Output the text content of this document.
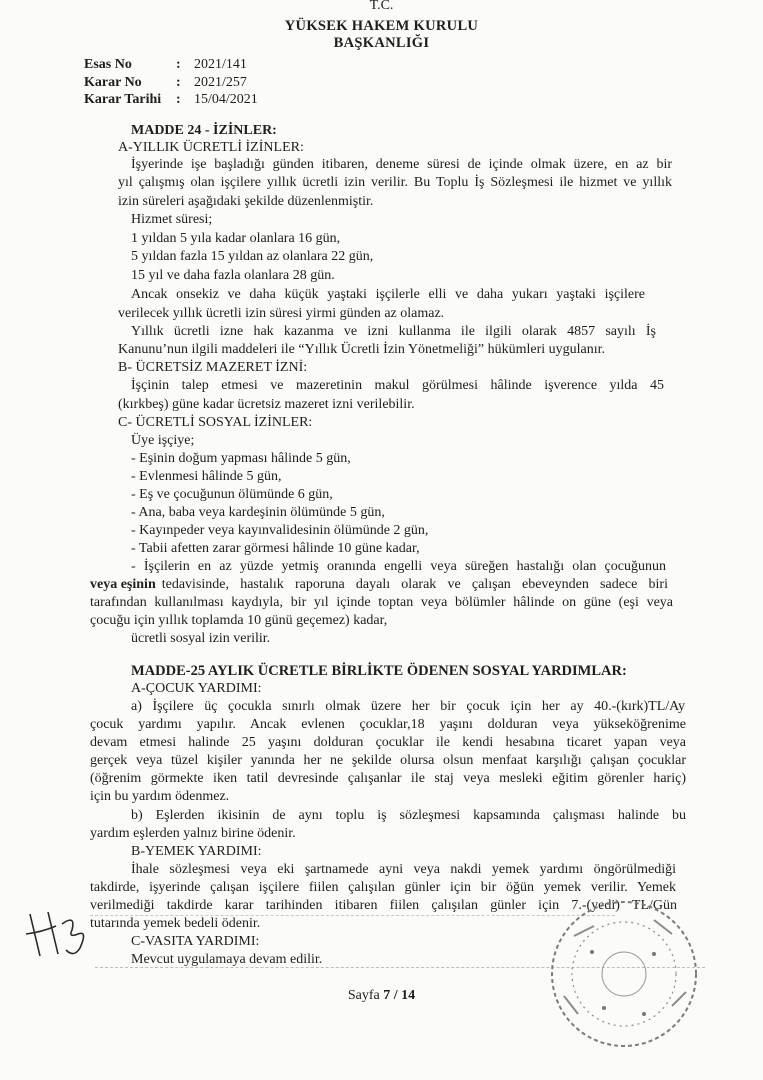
T.C.
YÜKSEK HAKEM KURULU
BAŞKANLIĞI
Esas No	: 2021/141
Karar No	: 2021/257
Karar Tarihi	: 15/04/2021
MADDE 24 - İZİNLER:
A-YILLIK ÜCRETLİ İZİNLER:
İşyerinde işe başladığı günden itibaren, deneme süresi de içinde olmak üzere, en az bir
yıl çalışmış olan işçilere yıllık ücretli izin verilir. Bu Toplu İş Sözleşmesi ile hizmet ve yıllık
izin süreleri aşağıdaki şekilde düzenlenmiştir.
Hizmet süresi;
1 yıldan 5 yıla kadar olanlara 16 gün,
5 yıldan fazla 15 yıldan az olanlara 22 gün,
15 yıl ve daha fazla olanlara 28 gün.
Ancak onsekiz ve daha küçük yaştaki işçilerle elli ve daha yukarı yaştaki işçilere
verilecek yıllık ücretli izin süresi yirmi günden az olamaz.
Yıllık ücretli izne hak kazanma ve izni kullanma ile ilgili olarak 4857 sayılı İş
Kanunu’nun ilgili maddeleri ile “Yıllık Ücretli İzin Yönetmeliği” hükümleri uygulanır.
B- ÜCRETSİZ MAZERET İZNİ:
İşçinin talep etmesi ve mazeretinin makul görülmesi hâlinde işverence yılda 45
(kırkbeş) güne kadar ücretsiz mazeret izni verilebilir.
C- ÜCRETLİ SOSYAL İZİNLER:
Üye işçiye;
- Eşinin doğum yapması hâlinde 5 gün,
- Evlenmesi hâlinde 5 gün,
- Eş ve çocuğunun ölümünde 6 gün,
- Ana, baba veya kardeşinin ölümünde 5 gün,
- Kayınpeder veya kayınvalidesinin ölümünde 2 gün,
- Tabii afetten zarar görmesi hâlinde 10 güne kadar,
- İşçilerin en az yüzde yetmiş oranında engelli veya süreğen hastalığı olan çocuğunun
veya eşinin tedavisinde, hastalık raporuna dayalı olarak ve çalışan ebeveynden sadece biri
tarafından kullanılması kaydıyla, bir yıl içinde toptan veya bölümler hâlinde on güne (eşi veya
çocuğu için yıllık toplamda 10 günü geçemez) kadar,
ücretli sosyal izin verilir.
MADDE-25 AYLIK ÜCRETLE BİRLİKTE ÖDENEN SOSYAL YARDIMLAR:
A-ÇOCUK YARDIMI:
a) İşçilere üç çocukla sınırlı olmak üzere her bir çocuk için her ay 40.-(kırk)TL/Ay
çocuk yardımı yapılır. Ancak evlenen çocuklar,18 yaşını dolduran veya yükseköğrenime
devam etmesi halinde 25 yaşını dolduran çocuklar ile kendi hesabına ticaret yapan veya
gerçek veya tüzel kişiler yanında her ne şekilde olursa olsun menfaat karşılığı çalışan çocuklar
(öğrenim görmekte iken tatil devresinde çalışanlar ile staj veya mesleki eğitim görenler hariç)
için bu yardım ödenmez.
b) Eşlerden ikisinin de aynı toplu iş sözleşmesi kapsamında çalışması halinde bu
yardım eşlerden yalnız birine ödenir.
B-YEMEK YARDIMI:
İhale sözleşmesi veya eki şartnamede ayni veya nakdi yemek yardımı öngörülmediği
takdirde, işyerinde çalışan işçilere fiilen çalışılan günler için bir öğün yemek verilir. Yemek
verilmediği takdirde karar tarihinden itibaren fiilen çalışılan günler için 7.-(yedi) TL/Gün
tutarında yemek bedeli ödenir.
C-VASITA YARDIMI:
Mevcut uygulamaya devam edilir.
Sayfa 7 / 14
